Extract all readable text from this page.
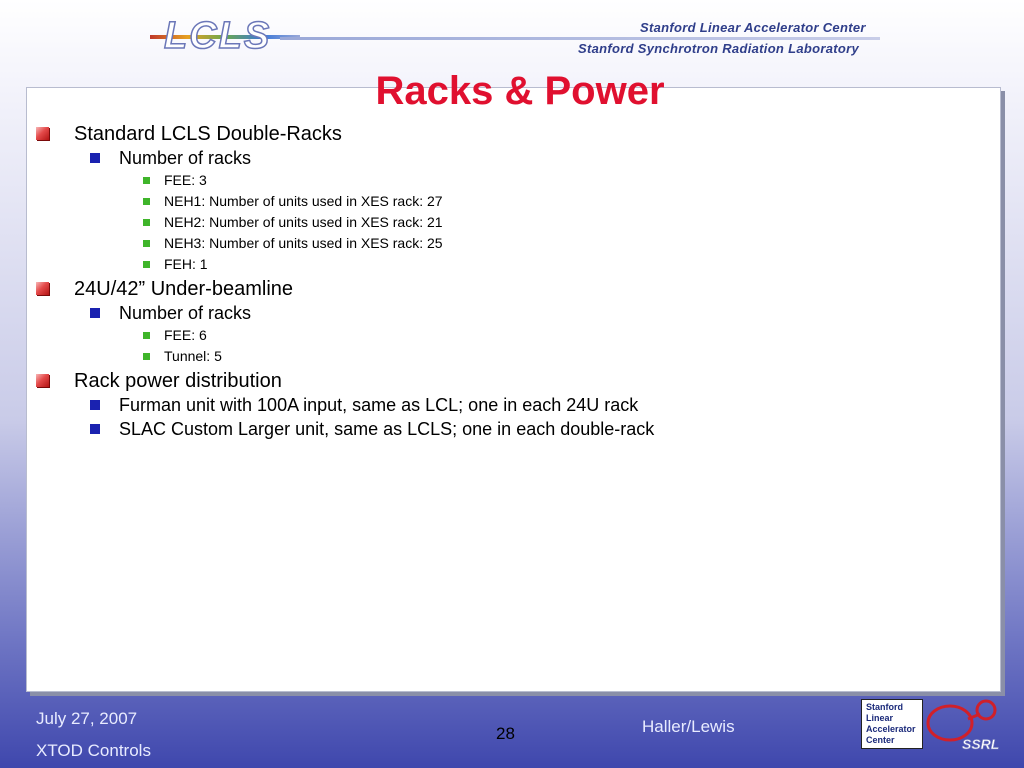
LCLS	Stanford Linear Accelerator Center
Stanford Synchrotron Radiation Laboratory
Racks & Power
Standard LCLS Double-Racks
Number of racks
FEE: 3
NEH1: Number of units used in XES rack: 27
NEH2: Number of units used in XES rack: 21
NEH3: Number of units used in XES rack: 25
FEH: 1
24U/42” Under-beamline
Number of racks
FEE: 6
Tunnel: 5
Rack power distribution
Furman unit with 100A input, same as LCL; one in each 24U rack
SLAC Custom Larger unit, same as LCLS; one in each double-rack
July 27, 2007
XTOD Controls
28	Haller/Lewis
Stanford
Linear
Accelerator
Center	SSRL
